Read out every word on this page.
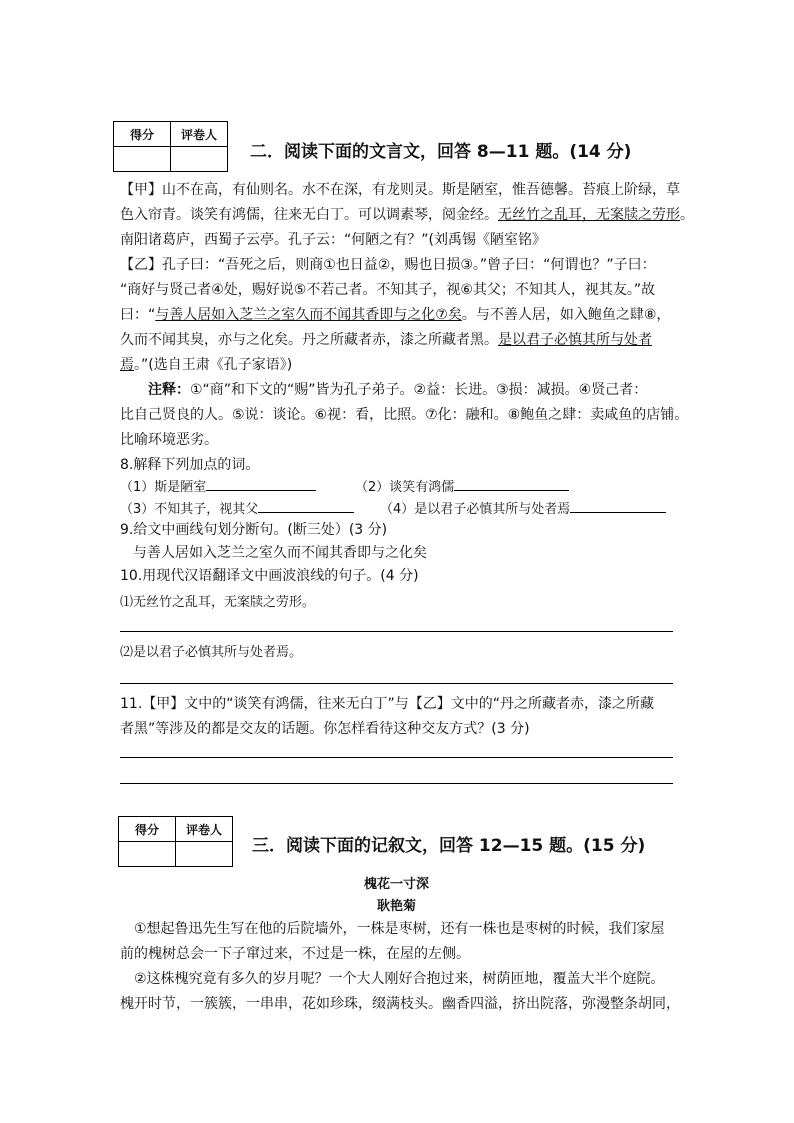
得分	评卷人

二．阅读下面的文言文，回答 8—11 题。(14 分)
【甲】山不在高，有仙则名。水不在深，有龙则灵。斯是陋室，惟吾德馨。苔痕上阶绿，草
色入帘青。谈笑有鸿儒，往来无白丁。可以调素琴，阅金经。无丝竹之乱耳，无案牍之劳形。
南阳诸葛庐，西蜀子云亭。孔子云：“何陋之有？”(刘禹锡《陋室铭》
【乙】孔子曰：“吾死之后，则商①也日益②，赐也日损③。”曾子曰：“何谓也？”子曰：
“商好与贤己者④处，赐好说⑤不若己者。不知其子，视⑥其父；不知其人，视其友。”故
曰：“与善人居如入芝兰之室久而不闻其香即与之化⑦矣。与不善人居，如入鲍鱼之肆⑧，
久而不闻其臭，亦与之化矣。丹之所藏者赤，漆之所藏者黑。是以君子必慎其所与处者
焉。”(选自王肃《孔子家语》)
注释：①“商”和下文的“赐”皆为孔子弟子。②益：长进。③损：减损。④贤己者：
比自己贤良的人。⑤说：谈论。⑥视：看，比照。⑦化：融和。⑧鲍鱼之肆：卖咸鱼的店铺。
比喻环境恶劣。
8.解释下列加点的词。
（1）斯是陋室	（2）谈笑有鸿儒
（3）不知其子，视其父	（4）是以君子必慎其所与处者焉
9.给文中画线句划分断句。(断三处）(3 分)
与善人居如入芝兰之室久而不闻其香即与之化矣
10.用现代汉语翻译文中画波浪线的句子。(4 分)
⑴无丝竹之乱耳，无案牍之劳形。
⑵是以君子必慎其所与处者焉。
11.【甲】文中的“谈笑有鸿儒，往来无白丁”与【乙】文中的“丹之所藏者赤，漆之所藏
者黑”等涉及的都是交友的话题。你怎样看待这种交友方式？(3 分)
得分	评卷人

三．阅读下面的记叙文，回答 12—15 题。(15 分)
槐花一寸深
耿艳菊
①想起鲁迅先生写在他的后院墙外，一株是枣树，还有一株也是枣树的时候，我们家屋
前的槐树总会一下子窜过来，不过是一株，在屋的左侧。
②这株槐究竟有多久的岁月呢？一个大人刚好合抱过来，树荫匝地，覆盖大半个庭院。
槐开时节，一簇簇，一串串，花如珍珠，缀满枝头。幽香四溢，挤出院落，弥漫整条胡同，
